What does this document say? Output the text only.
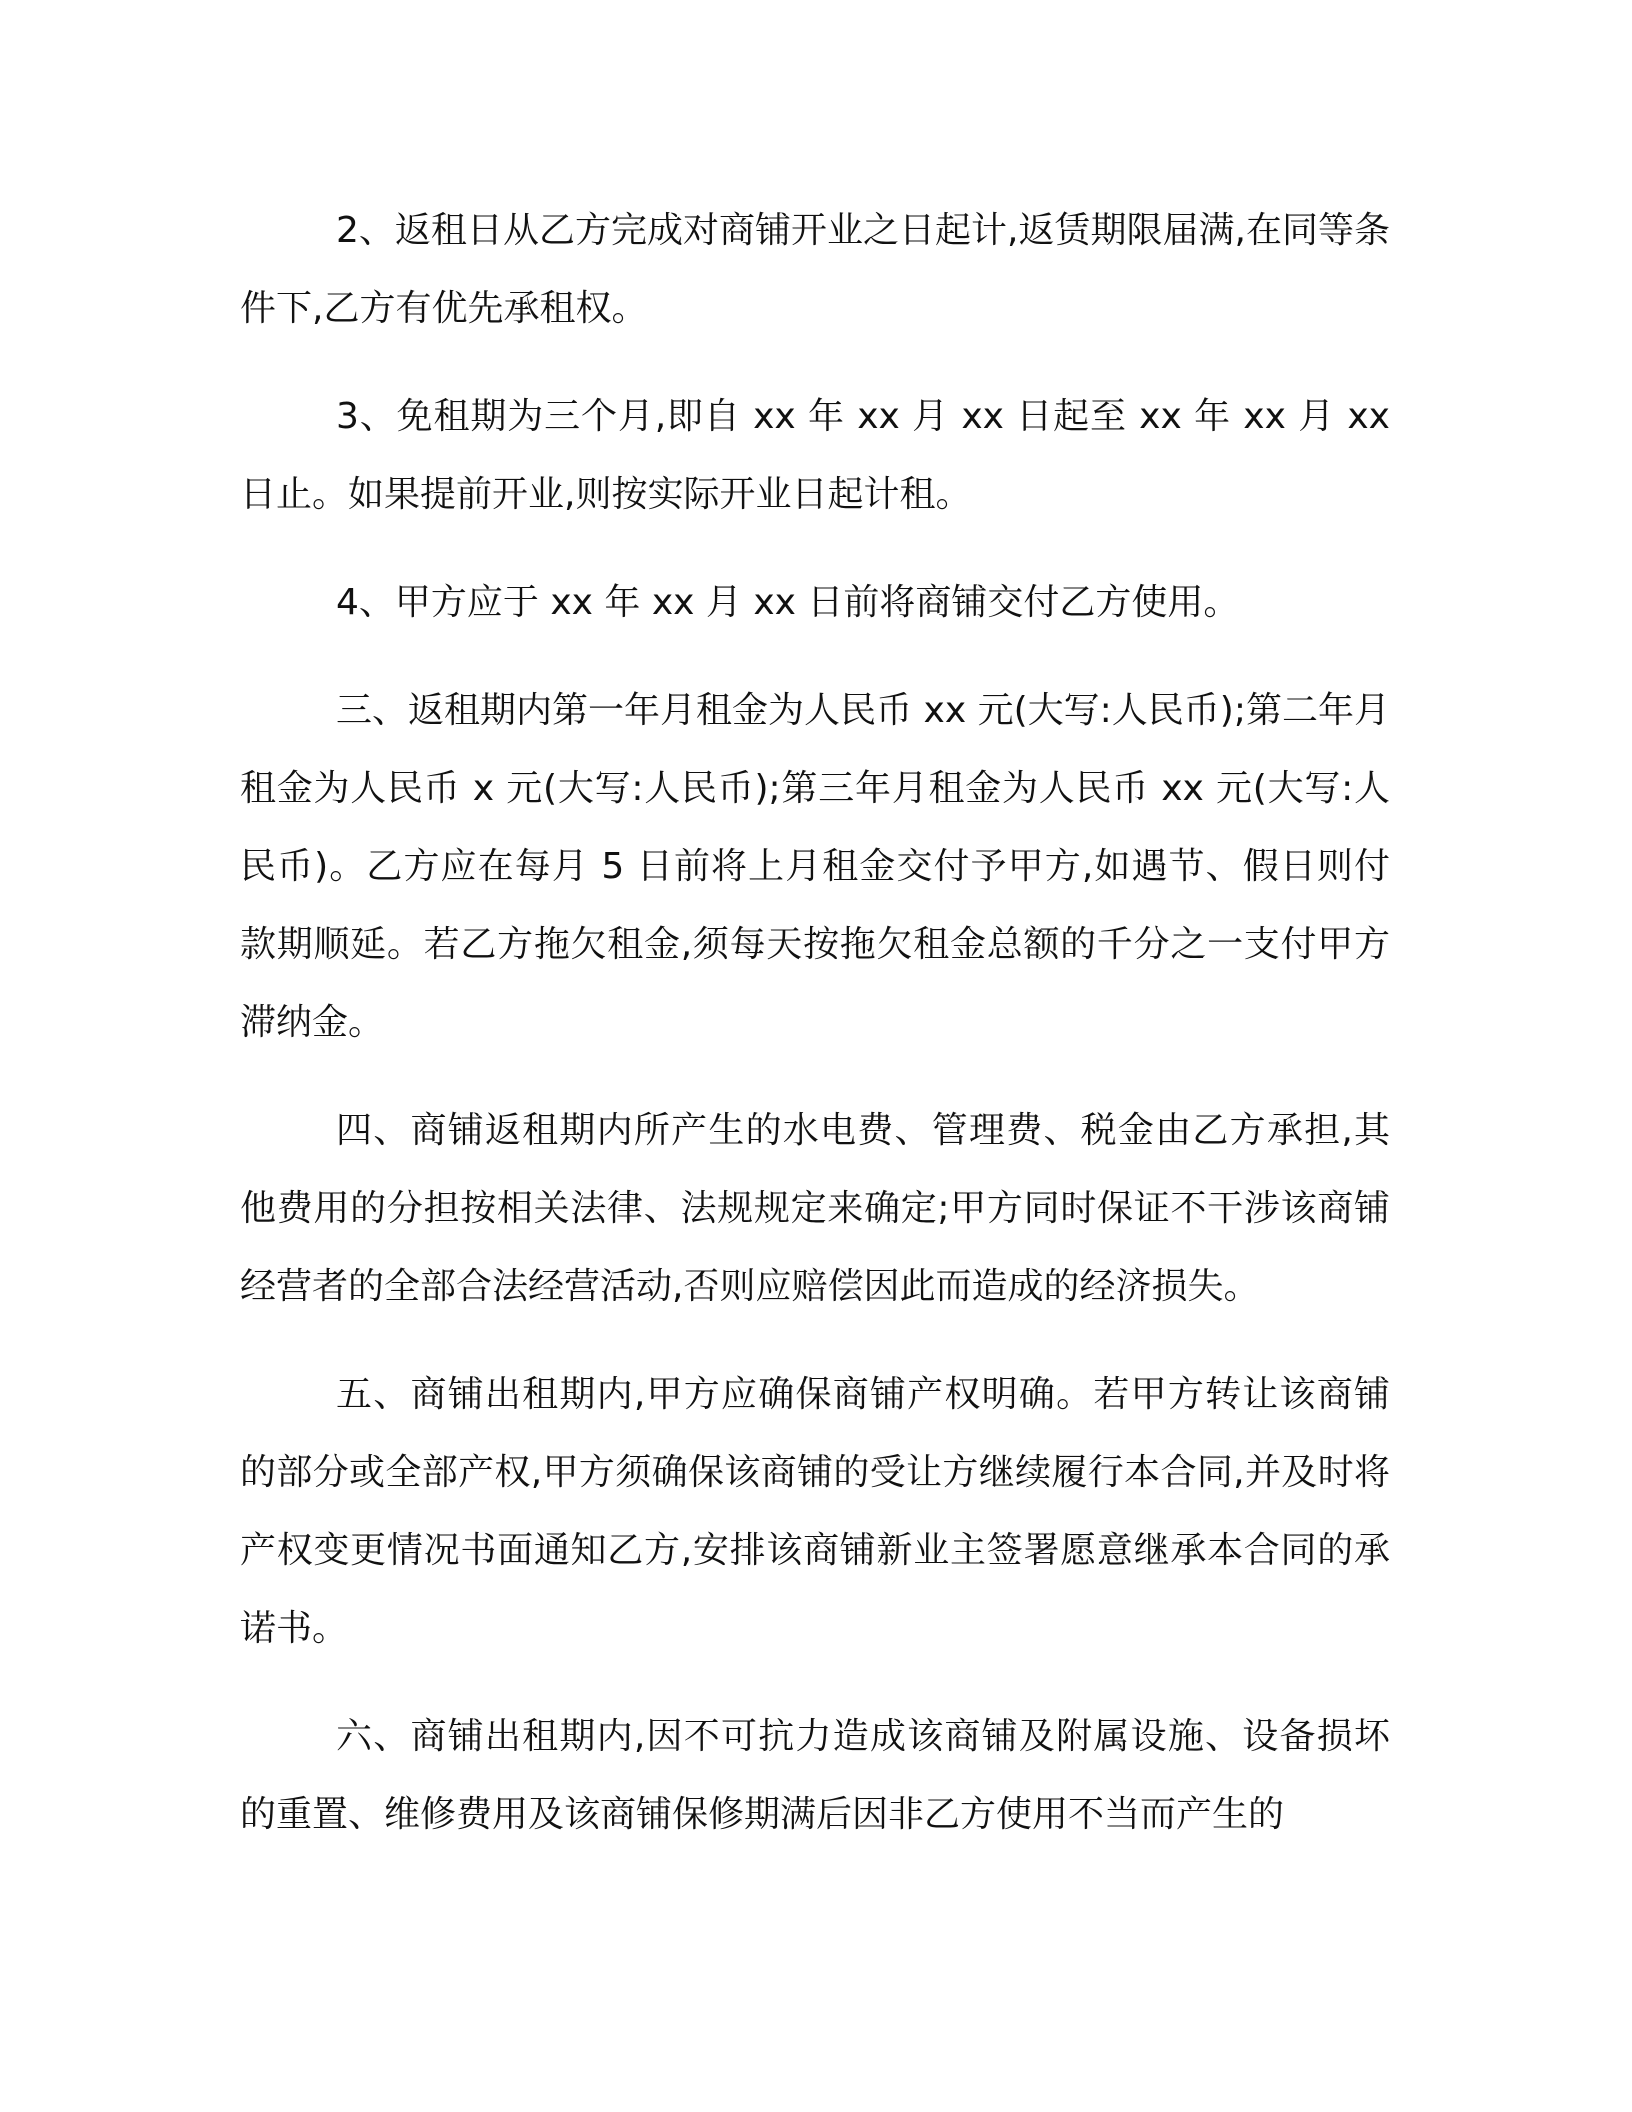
2、返租日从乙方完成对商铺开业之日起计,返赁期限届满,在同等条件下,乙方有优先承租权。

3、免租期为三个月,即自 xx 年 xx 月 xx 日起至 xx 年 xx 月 xx 日止。如果提前开业,则按实际开业日起计租。

4、甲方应于 xx 年 xx 月 xx 日前将商铺交付乙方使用。

三、返租期内第一年月租金为人民币 xx 元(大写:人民币);第二年月租金为人民币 x 元(大写:人民币);第三年月租金为人民币 xx 元(大写:人民币)。乙方应在每月 5 日前将上月租金交付予甲方,如遇节、假日则付款期顺延。若乙方拖欠租金,须每天按拖欠租金总额的千分之一支付甲方滞纳金。

四、商铺返租期内所产生的水电费、管理费、税金由乙方承担,其他费用的分担按相关法律、法规规定来确定;甲方同时保证不干涉该商铺经营者的全部合法经营活动,否则应赔偿因此而造成的经济损失。

五、商铺出租期内,甲方应确保商铺产权明确。若甲方转让该商铺的部分或全部产权,甲方须确保该商铺的受让方继续履行本合同,并及时将产权变更情况书面通知乙方,安排该商铺新业主签署愿意继承本合同的承诺书。

六、商铺出租期内,因不可抗力造成该商铺及附属设施、设备损坏的重置、维修费用及该商铺保修期满后因非乙方使用不当而产生的
